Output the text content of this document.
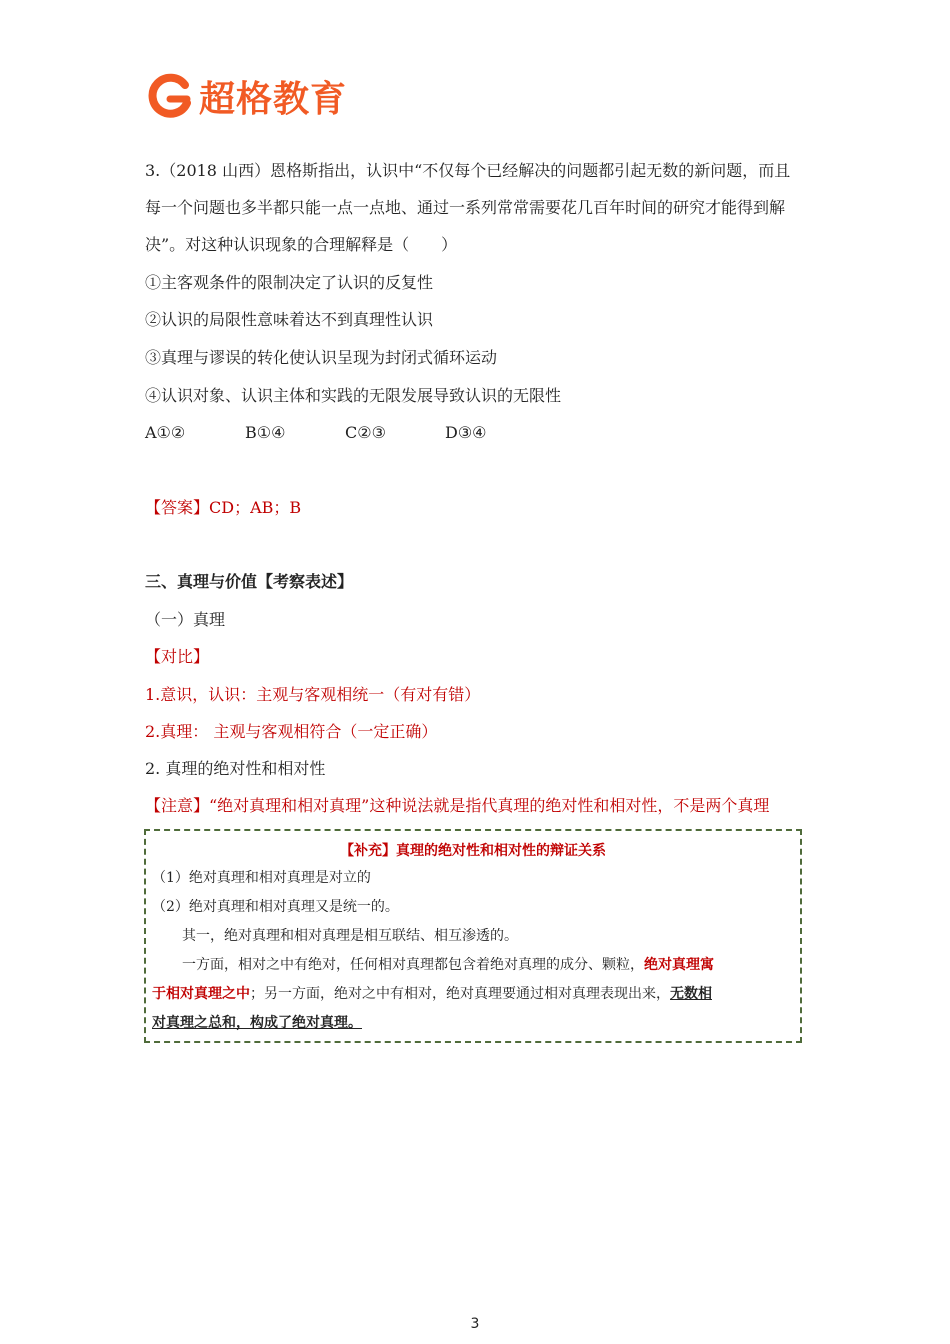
超格教育
3.（2018 山西）恩格斯指出，认识中“不仅每个已经解决的问题都引起无数的新问题，而且
每一个问题也多半都只能一点一点地、通过一系列常常需要花几百年时间的研究才能得到解
决”。对这种认识现象的合理解释是（　　）
①主客观条件的限制决定了认识的反复性
②认识的局限性意味着达不到真理性认识
③真理与谬误的转化使认识呈现为封闭式循环运动
④认识对象、认识主体和实践的无限发展导致认识的无限性
A①②	B①④	C②③	D③④
【答案】CD；AB；B
三、真理与价值【考察表述】
（一）真理
【对比】
1.意识，认识：主观与客观相统一（有对有错）
2.真理： 主观与客观相符合（一定正确）
2. 真理的绝对性和相对性
【注意】“绝对真理和相对真理”这种说法就是指代真理的绝对性和相对性，不是两个真理
【补充】真理的绝对性和相对性的辩证关系
（1）绝对真理和相对真理是对立的
（2）绝对真理和相对真理又是统一的。
其一，绝对真理和相对真理是相互联结、相互渗透的。
一方面，相对之中有绝对，任何相对真理都包含着绝对真理的成分、颗粒，绝对真理寓
于相对真理之中；另一方面，绝对之中有相对，绝对真理要通过相对真理表现出来，无数相
对真理之总和，构成了绝对真理。
3
